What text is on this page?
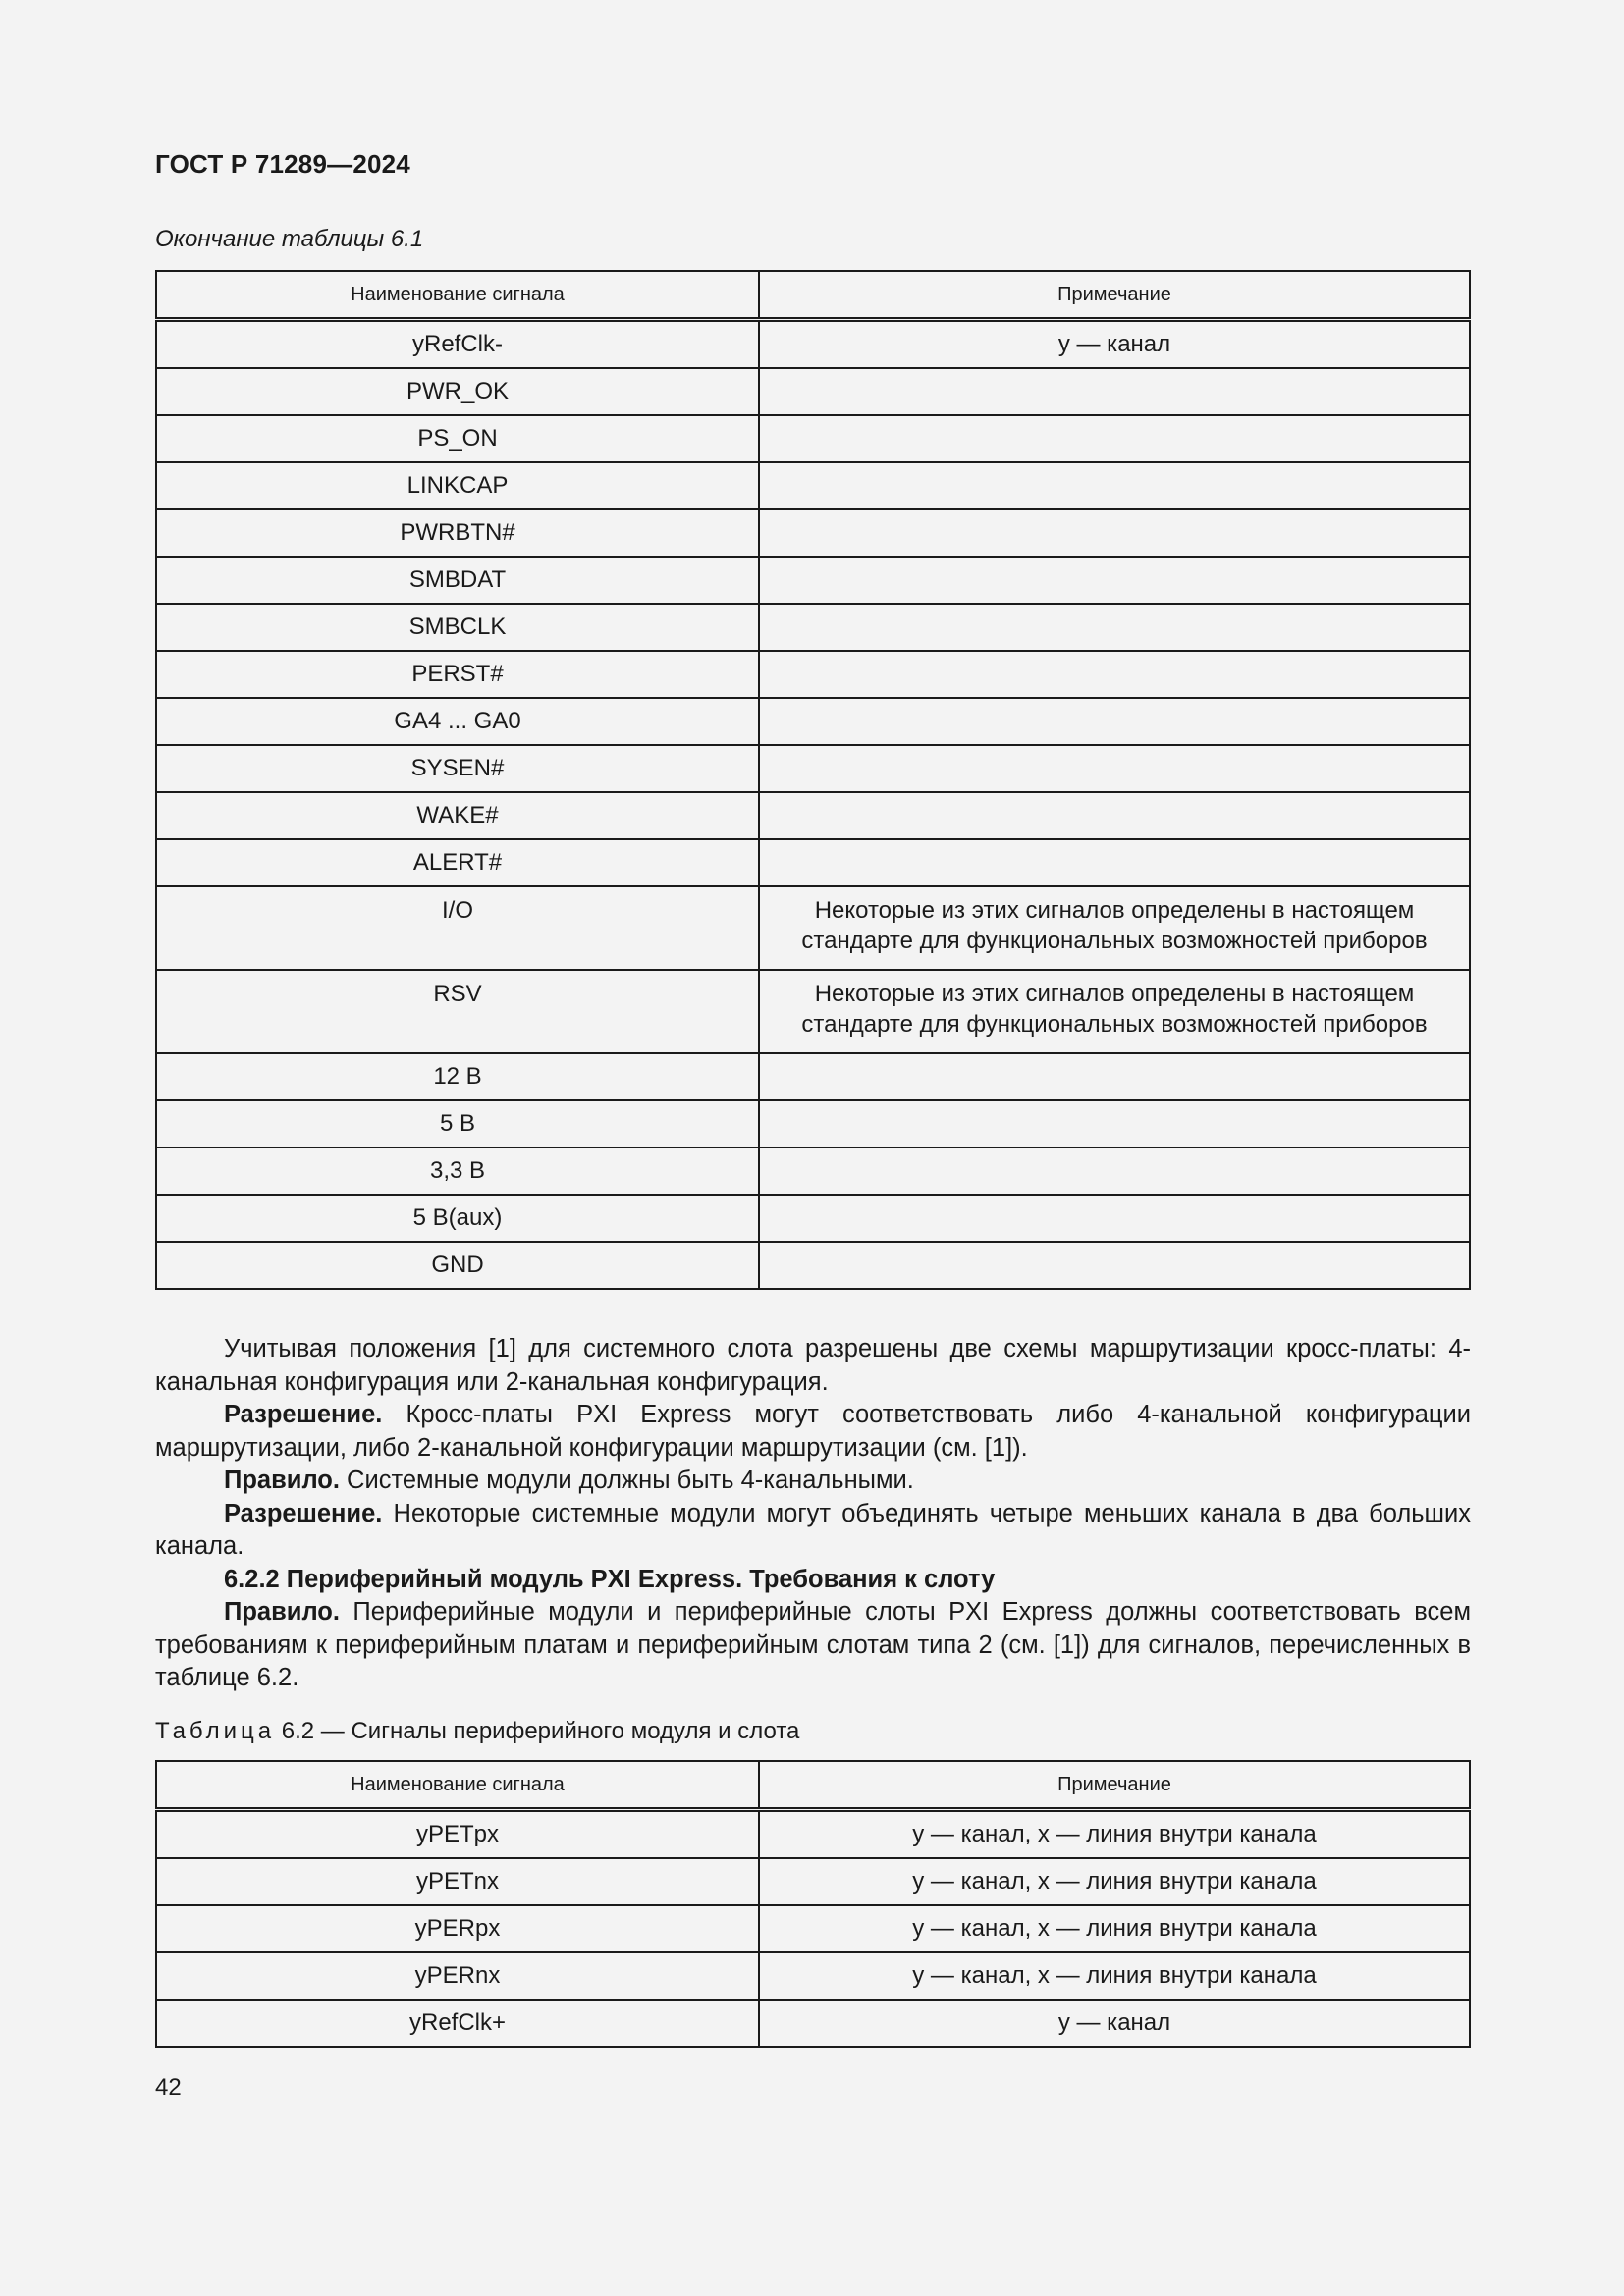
ГОСТ Р 71289—2024
Окончание таблицы 6.1
Наименование сигнала	Примечание
yRefClk-	y — канал
PWR_OK	
PS_ON	
LINKCAP	
PWRBTN#	
SMBDAT	
SMBCLK	
PERST#	
GA4 ... GA0	
SYSEN#	
WAKE#	
ALERT#	
I/O	Некоторые из этих сигналов определены в настоящем стандарте для функциональных возможностей приборов
RSV	Некоторые из этих сигналов определены в настоящем стандарте для функциональных возможностей приборов
12 В	
5 В	
3,3 В	
5 В(aux)	
GND	

Учитывая положения [1] для системного слота разрешены две схемы маршрутизации кросс-платы: 4-канальная конфигурация или 2-канальная конфигурация.

Разрешение. Кросс-платы PXI Express могут соответствовать либо 4-канальной конфигурации маршрутизации, либо 2-канальной конфигурации маршрутизации (см. [1]).

Правило. Системные модули должны быть 4-канальными.

Разрешение. Некоторые системные модули могут объединять четыре меньших канала в два больших канала.

6.2.2 Периферийный модуль PXI Express. Требования к слоту

Правило. Периферийные модули и периферийные слоты PXI Express должны соответствовать всем требованиям к периферийным платам и периферийным слотам типа 2 (см. [1]) для сигналов, перечисленных в таблице 6.2.

Таблица 6.2 — Сигналы периферийного модуля и слота
Наименование сигнала	Примечание
yPETpx	y — канал, x — линия внутри канала
yPETnx	y — канал, x — линия внутри канала
yPERpx	y — канал, x — линия внутри канала
yPERnx	y — канал, x — линия внутри канала
yRefClk+	y — канал
42
